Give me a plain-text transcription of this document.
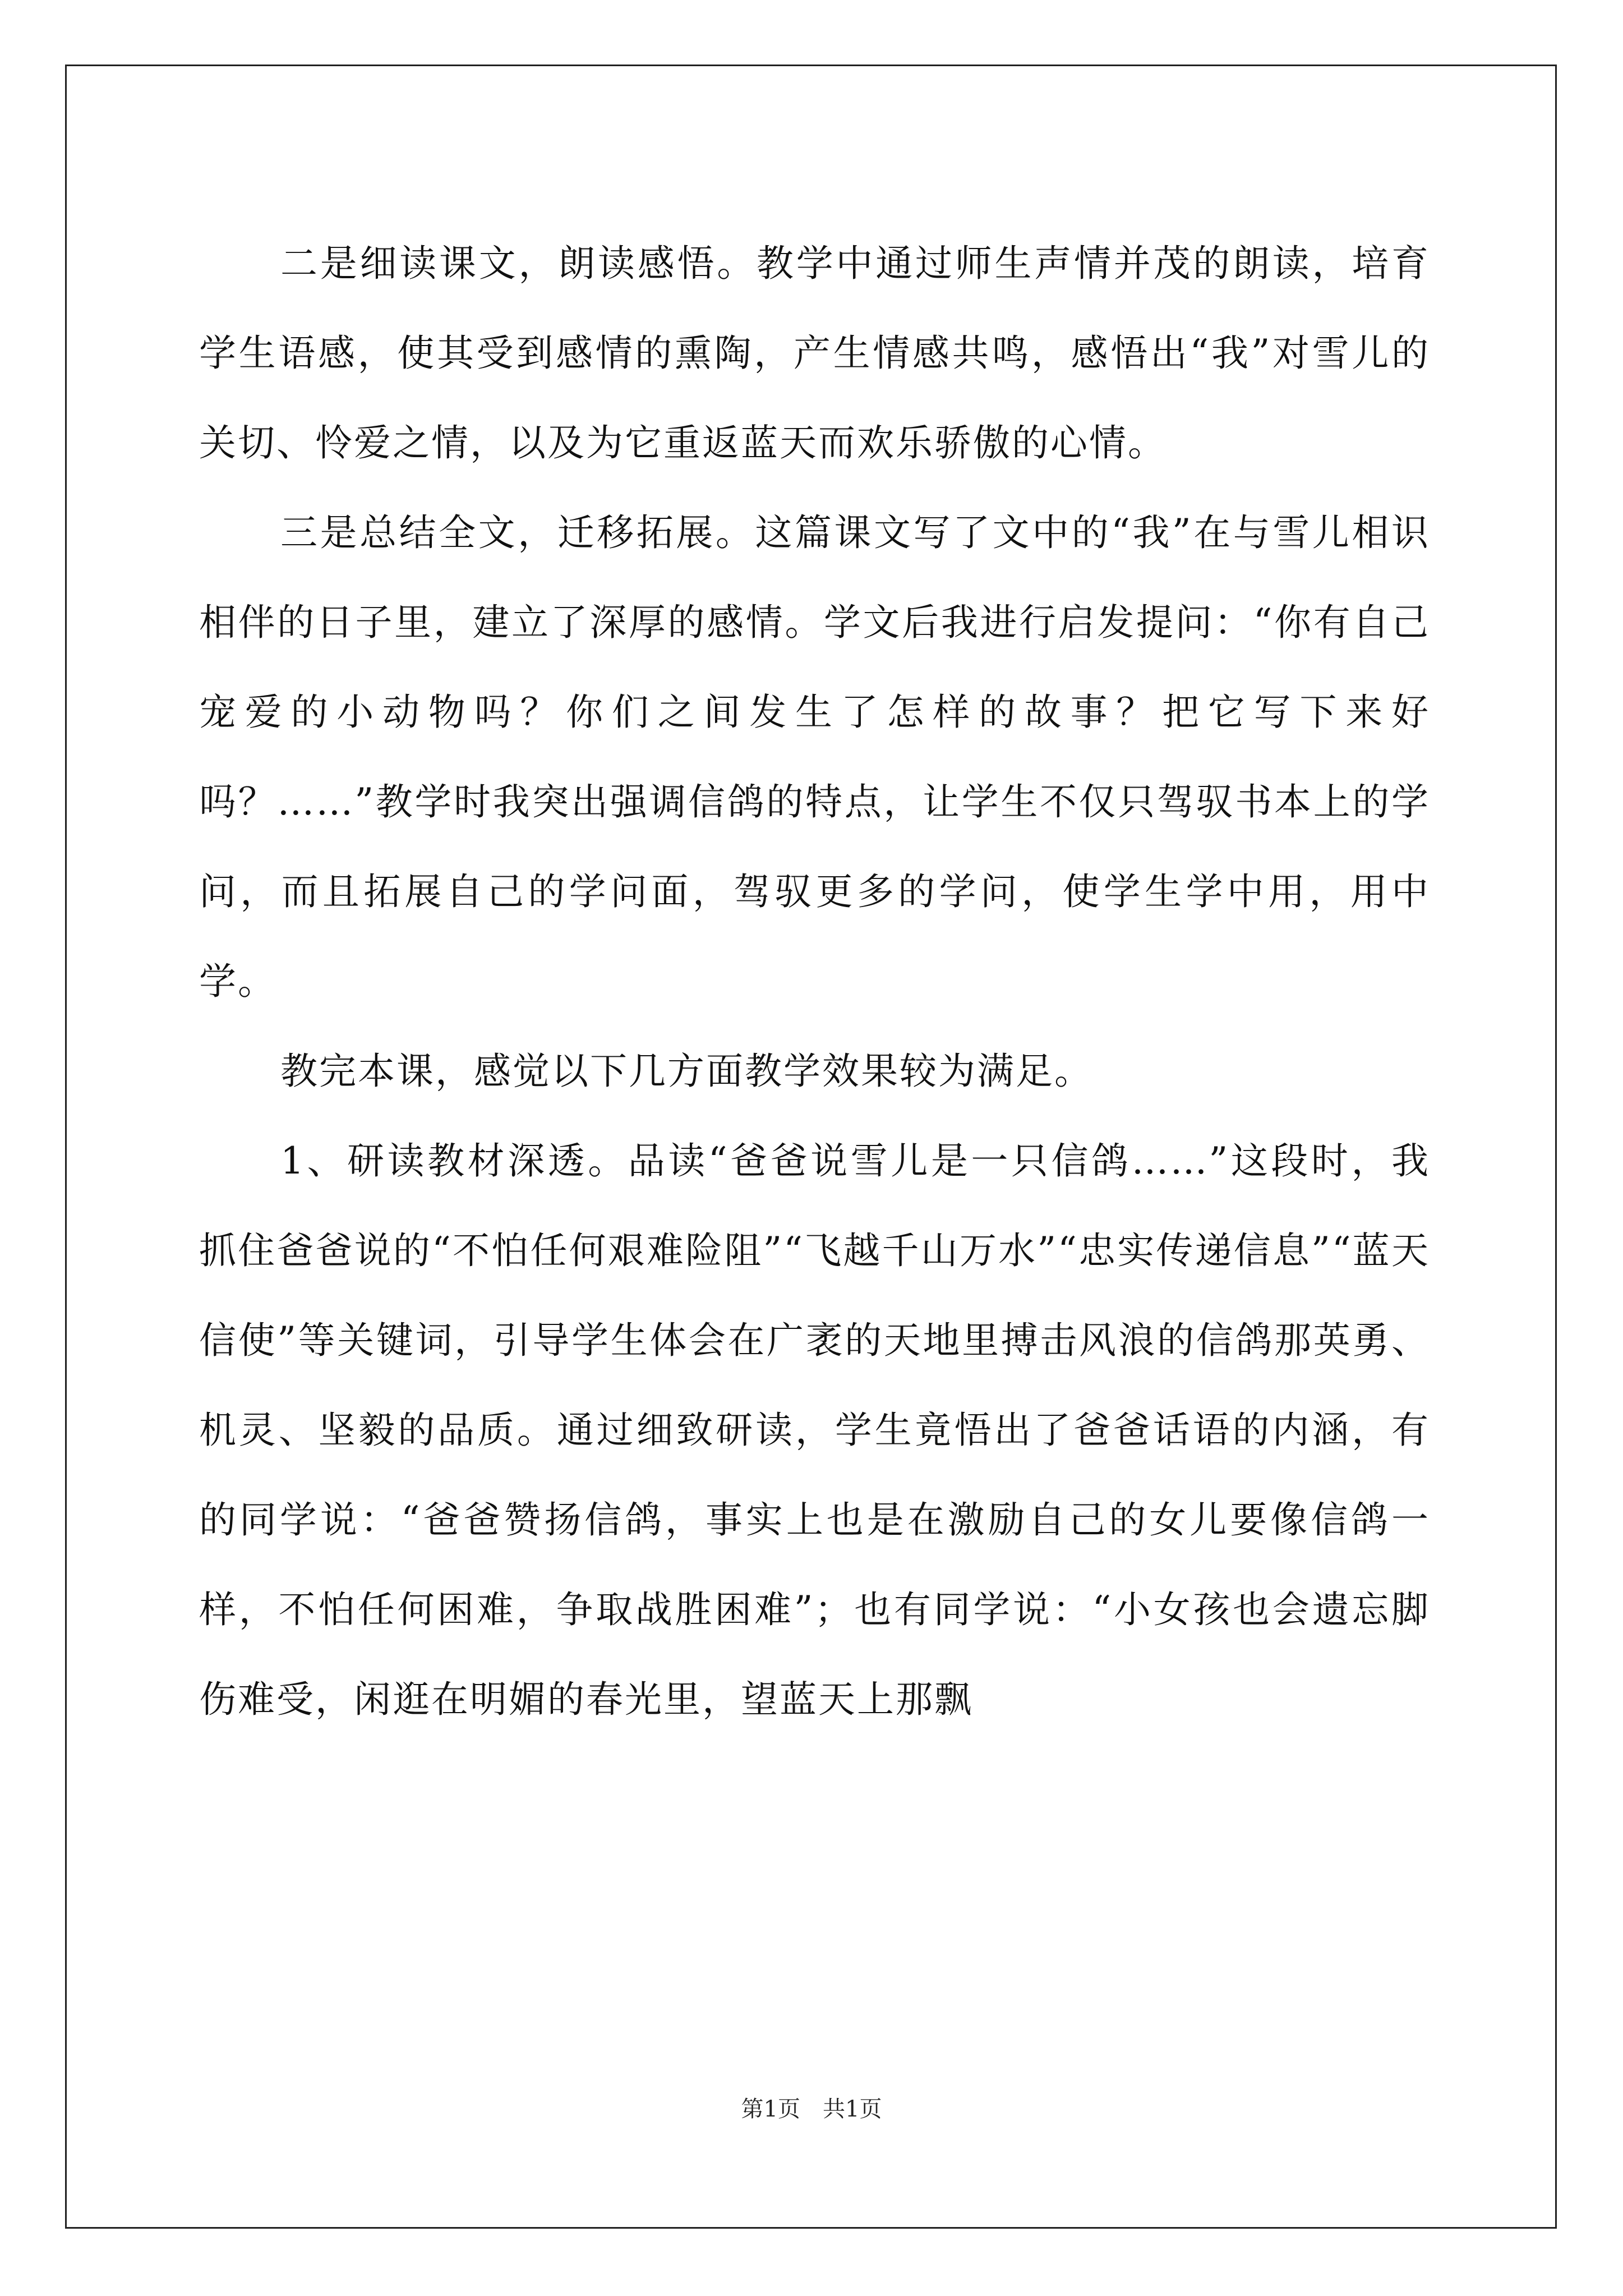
二是细读课文，朗读感悟。教学中通过师生声情并茂的朗读，培育学生语感，使其受到感情的熏陶，产生情感共鸣，感悟出“我”对雪儿的关切、怜爱之情，以及为它重返蓝天而欢乐骄傲的心情。

三是总结全文，迁移拓展。这篇课文写了文中的“我”在与雪儿相识相伴的日子里，建立了深厚的感情。学文后我进行启发提问：“你有自己宠爱的小动物吗？你们之间发生了怎样的故事？把它写下来好吗？……”教学时我突出强调信鸽的特点，让学生不仅只驾驭书本上的学问，而且拓展自己的学问面，驾驭更多的学问，使学生学中用，用中学。

教完本课，感觉以下几方面教学效果较为满足。

1、研读教材深透。品读“爸爸说雪儿是一只信鸽……”这段时，我抓住爸爸说的“不怕任何艰难险阻”“飞越千山万水”“忠实传递信息”“蓝天信使”等关键词，引导学生体会在广袤的天地里搏击风浪的信鸽那英勇、机灵、坚毅的品质。通过细致研读，学生竟悟出了爸爸话语的内涵，有的同学说：“爸爸赞扬信鸽，事实上也是在激励自己的女儿要像信鸽一样，不怕任何困难，争取战胜困难”；也有同学说：“小女孩也会遗忘脚伤难受，闲逛在明媚的春光里，望蓝天上那飘

第1页 共1页
